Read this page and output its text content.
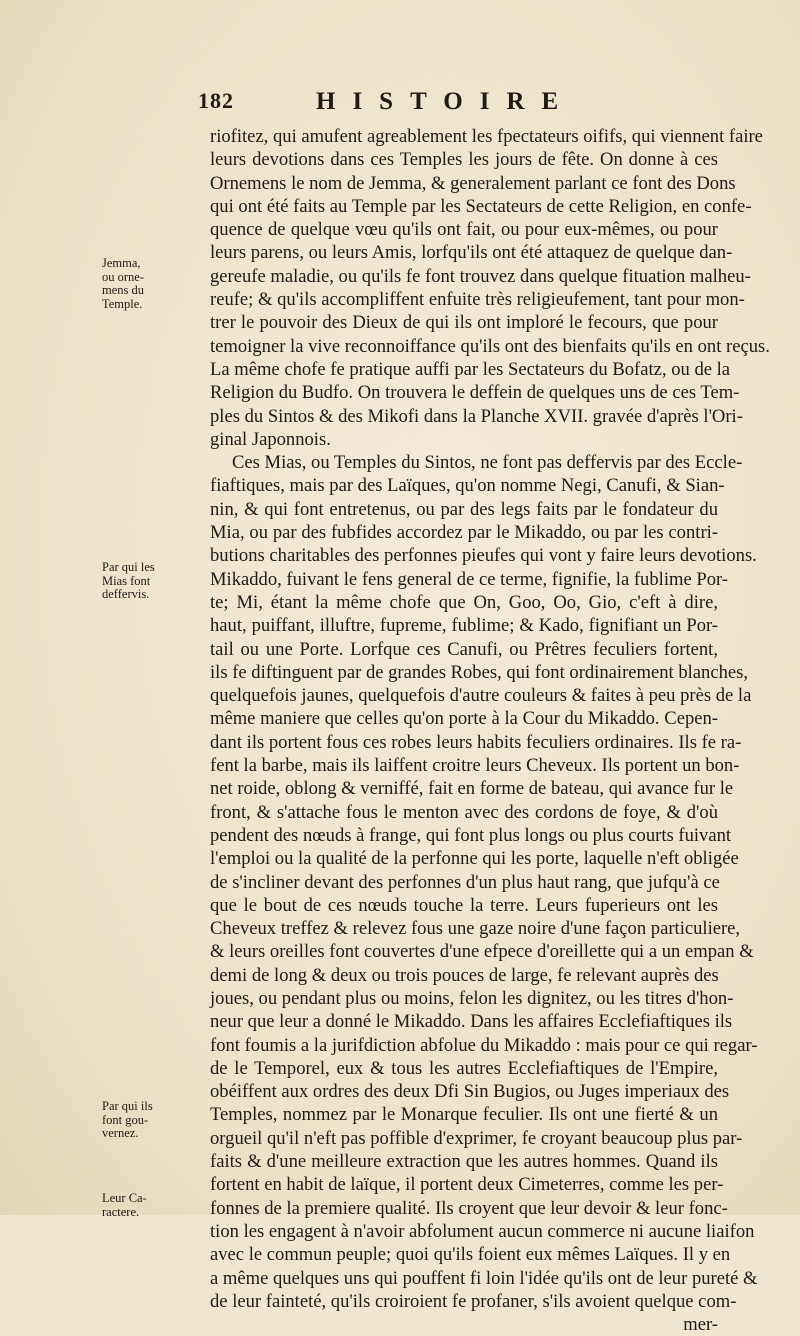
182	HISTOIRE
Jemma,
ou orne-
mens du
Temple.
Par qui les
Mias font
deffervis.
Par qui ils
font gou-
vernez.
Leur Ca-
ractere.
riofitez, qui amufent agreablement les fpectateurs oififs, qui viennent faire
leurs devotions dans ces Temples les jours de fête. On donne à ces
Ornemens le nom de Jemma, & generalement parlant ce font des Dons
qui ont été faits au Temple par les Sectateurs de cette Religion, en confe-
quence de quelque vœu qu'ils ont fait, ou pour eux-mêmes, ou pour
leurs parens, ou leurs Amis, lorfqu'ils ont été attaquez de quelque dan-
gereufe maladie, ou qu'ils fe font trouvez dans quelque fituation malheu-
reufe; & qu'ils accompliffent enfuite très religieufement, tant pour mon-
trer le pouvoir des Dieux de qui ils ont imploré le fecours, que pour
temoigner la vive reconnoiffance qu'ils ont des bienfaits qu'ils en ont reçus.
La même chofe fe pratique auffi par les Sectateurs du Bofatz, ou de la
Religion du Budfo. On trouvera le deffein de quelques uns de ces Tem-
ples du Sintos & des Mikofi dans la Planche XVII. gravée d'après l'Ori-
ginal Japonnois.
Ces Mias, ou Temples du Sintos, ne font pas deffervis par des Eccle-
fiaftiques, mais par des Laïques, qu'on nomme Negi, Canufi, & Sian-
nin, & qui font entretenus, ou par des legs faits par le fondateur du
Mia, ou par des fubfides accordez par le Mikaddo, ou par les contri-
butions charitables des perfonnes pieufes qui vont y faire leurs devotions.
Mikaddo, fuivant le fens general de ce terme, fignifie, la fublime Por-
te; Mi, étant la même chofe que On, Goo, Oo, Gio, c'eft à dire,
haut, puiffant, illuftre, fupreme, fublime; & Kado, fignifiant un Por-
tail ou une Porte. Lorfque ces Canufi, ou Prêtres feculiers fortent,
ils fe diftinguent par de grandes Robes, qui font ordinairement blanches,
quelquefois jaunes, quelquefois d'autre couleurs & faites à peu près de la
même maniere que celles qu'on porte à la Cour du Mikaddo. Cepen-
dant ils portent fous ces robes leurs habits feculiers ordinaires. Ils fe ra-
fent la barbe, mais ils laiffent croitre leurs Cheveux. Ils portent un bon-
net roide, oblong & verniffé, fait en forme de bateau, qui avance fur le
front, & s'attache fous le menton avec des cordons de foye, & d'où
pendent des nœuds à frange, qui font plus longs ou plus courts fuivant
l'emploi ou la qualité de la perfonne qui les porte, laquelle n'eft obligée
de s'incliner devant des perfonnes d'un plus haut rang, que jufqu'à ce
que le bout de ces nœuds touche la terre. Leurs fuperieurs ont les
Cheveux treffez & relevez fous une gaze noire d'une façon particuliere,
& leurs oreilles font couvertes d'une efpece d'oreillette qui a un empan &
demi de long & deux ou trois pouces de large, fe relevant auprès des
joues, ou pendant plus ou moins, felon les dignitez, ou les titres d'hon-
neur que leur a donné le Mikaddo. Dans les affaires Ecclefiaftiques ils
font foumis a la jurifdiction abfolue du Mikaddo : mais pour ce qui regar-
de le Temporel, eux & tous les autres Ecclefiaftiques de l'Empire,
obéiffent aux ordres des deux Dfi Sin Bugios, ou Juges imperiaux des
Temples, nommez par le Monarque feculier. Ils ont une fierté & un
orgueil qu'il n'eft pas poffible d'exprimer, fe croyant beaucoup plus par-
faits & d'une meilleure extraction que les autres hommes. Quand ils
fortent en habit de laïque, il portent deux Cimeterres, comme les per-
fonnes de la premiere qualité. Ils croyent que leur devoir & leur fonc-
tion les engagent à n'avoir abfolument aucun commerce ni aucune liaifon
avec le commun peuple; quoi qu'ils foient eux mêmes Laïques. Il y en
a même quelques uns qui pouffent fi loin l'idée qu'ils ont de leur pureté &
de leur fainteté, qu'ils croiroient fe profaner, s'ils avoient quelque com-
mer-
